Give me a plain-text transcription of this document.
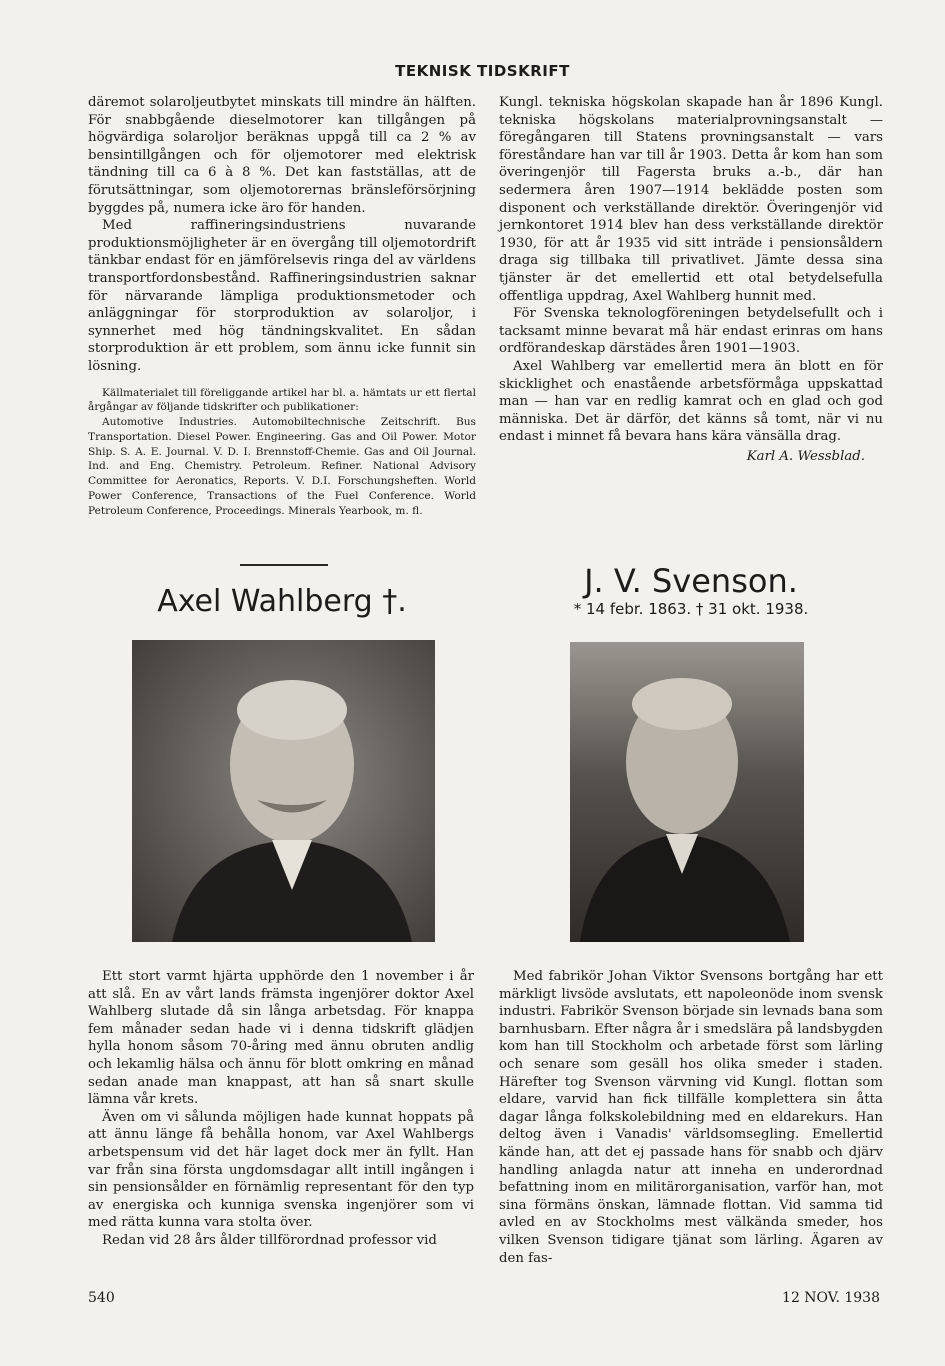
TEKNISK TIDSKRIFT

däremot solaroljeutbytet minskats till mindre än hälften. För snabbgående dieselmotorer kan tillgången på högvärdiga solaroljor beräknas uppgå till ca 2 % av bensintillgången och för oljemotorer med elektrisk tändning till ca 6 à 8 %. Det kan fastställas, att de förutsättningar, som oljemotorernas bränsleförsörjning byggdes på, numera icke äro för handen.

Med raffineringsindustriens nuvarande produktionsmöjligheter är en övergång till oljemotordrift tänkbar endast för en jämförelsevis ringa del av världens transportfordonsbestånd. Raffineringsindustrien saknar för närvarande lämpliga produktionsmetoder och anläggningar för storproduktion av solaroljor, i synnerhet med hög tändningskvalitet. En sådan storproduktion är ett problem, som ännu icke funnit sin lösning.

Källmaterialet till föreliggande artikel har bl. a. hämtats ur ett flertal årgångar av följande tidskrifter och publikationer:

Automotive Industries. Automobiltechnische Zeitschrift. Bus Transportation. Diesel Power. Engineering. Gas and Oil Power. Motor Ship. S. A. E. Journal. V. D. I. Brennstoff-Chemie. Gas and Oil Journal. Ind. and Eng. Chemistry. Petroleum. Refiner. National Advisory Committee for Aeronatics, Reports. V. D.I. Forschungsheften. World Power Conference, Transactions of the Fuel Conference. World Petroleum Conference, Proceedings. Minerals Yearbook, m. fl.

Kungl. tekniska högskolan skapade han år 1896 Kungl. tekniska högskolans materialprovningsanstalt — föregångaren till Statens provningsanstalt — vars föreståndare han var till år 1903. Detta år kom han som överingenjör till Fagersta bruks a.-b., där han sedermera åren 1907—1914 beklädde posten som disponent och verkställande direktör. Överingenjör vid jernkontoret 1914 blev han dess verkställande direktör 1930, för att år 1935 vid sitt inträde i pensionsåldern draga sig tillbaka till privatlivet. Jämte dessa sina tjänster är det emellertid ett otal betydelsefulla offentliga uppdrag, Axel Wahlberg hunnit med.

För Svenska teknologföreningen betydelsefullt och i tacksamt minne bevarat må här endast erinras om hans ordförandeskap därstädes åren 1901—1903.

Axel Wahlberg var emellertid mera än blott en för skicklighet och enastående arbetsförmåga uppskattad man — han var en redlig kamrat och en glad och god människa. Det är därför, det känns så tomt, när vi nu endast i minnet få bevara hans kära vänsälla drag.

Karl A. Wessblad.
Axel Wahlberg †.
J. V. Svenson.
* 14 febr. 1863. † 31 okt. 1938.

Ett stort varmt hjärta upphörde den 1 november i år att slå. En av vårt lands främsta ingenjörer doktor Axel Wahlberg slutade då sin långa arbetsdag. För knappa fem månader sedan hade vi i denna tidskrift glädjen hylla honom såsom 70-åring med ännu obruten andlig och lekamlig hälsa och ännu för blott omkring en månad sedan anade man knappast, att han så snart skulle lämna vår krets.

Även om vi sålunda möjligen hade kunnat hoppats på att ännu länge få behålla honom, var Axel Wahlbergs arbetspensum vid det här laget dock mer än fyllt. Han var från sina första ungdomsdagar allt intill ingången i sin pensionsålder en förnämlig representant för den typ av energiska och kunniga svenska ingenjörer som vi med rätta kunna vara stolta över.

Redan vid 28 års ålder tillförordnad professor vid

Med fabrikör Johan Viktor Svensons bortgång har ett märkligt livsöde avslutats, ett napoleonöde inom svensk industri. Fabrikör Svenson började sin levnads bana som barnhusbarn. Efter några år i smedslära på landsbygden kom han till Stockholm och arbetade först som lärling och senare som gesäll hos olika smeder i staden. Härefter tog Svenson värvning vid Kungl. flottan som eldare, varvid han fick tillfälle komplettera sin åtta dagar långa folkskolebildning med en eldarekurs. Han deltog även i Vanadis' världsomsegling. Emellertid kände han, att det ej passade hans för snabb och djärv handling anlagda natur att inneha en underordnad befattning inom en militärorganisation, varför han, mot sina förmäns önskan, lämnade flottan. Vid samma tid avled en av Stockholms mest välkända smeder, hos vilken Svenson tidigare tjänat som lärling. Ägaren av den fas-

540	12 NOV. 1938
